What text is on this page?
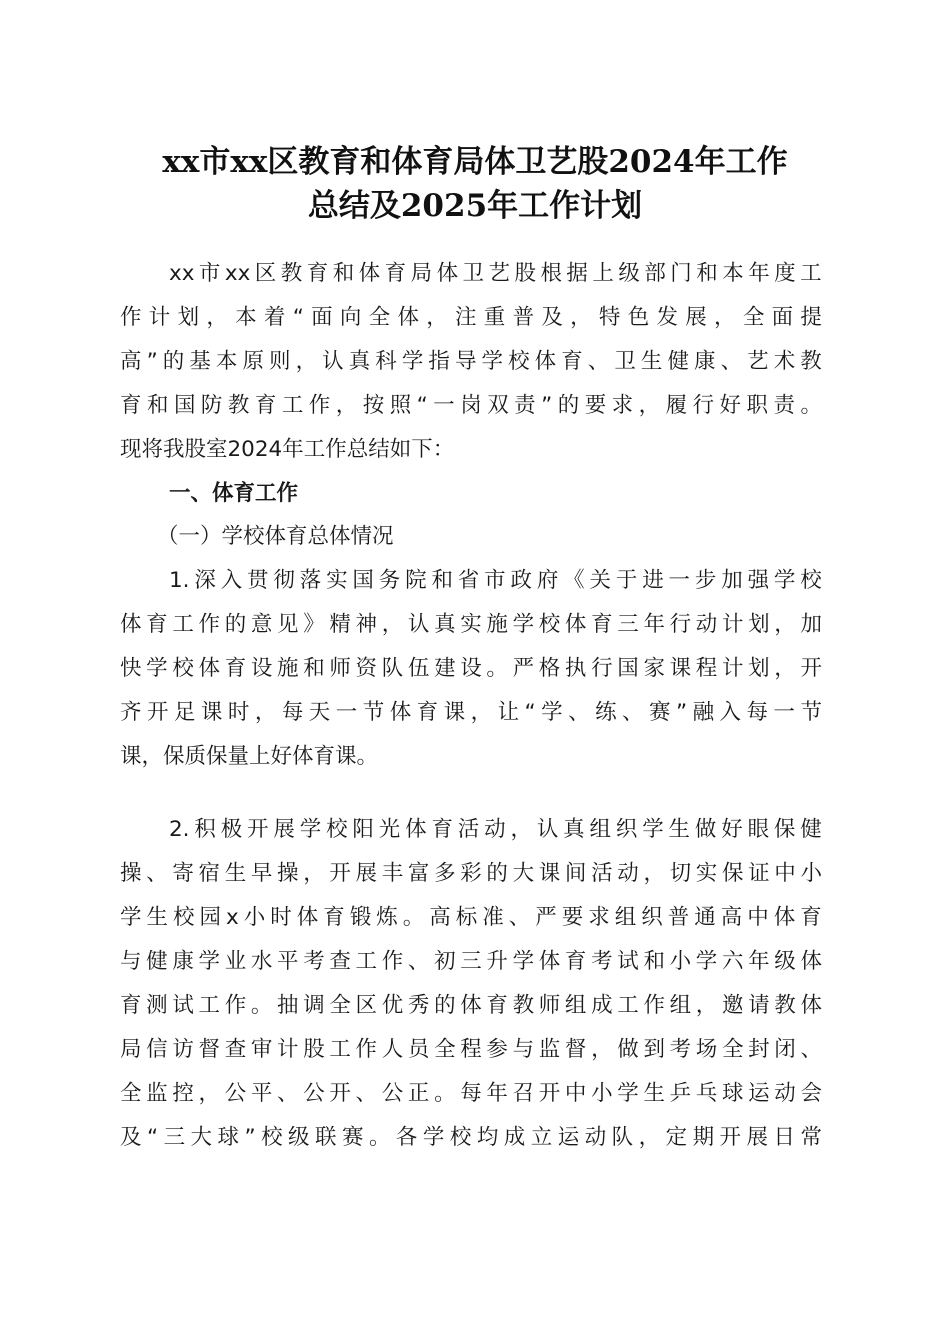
xx市xx区教育和体育局体卫艺股2024年工作
总结及2025年工作计划
xx 市 xx 区 教 育 和 体 育 局 体 卫 艺 股 根 据 上 级 部 门 和 本 年 度 工
作 计 划 ， 本 着 “ 面 向 全 体 ， 注 重 普 及 ， 特 色 发 展 ， 全 面 提
高 ” 的 基 本 原 则 ， 认 真 科 学 指 导 学 校 体 育 、 卫 生 健 康 、 艺 术 教
育 和 国 防 教 育 工 作 ， 按 照 “ 一 岗 双 责 ” 的 要 求 ， 履 行 好 职 责 。
现将我股室2024年工作总结如下：
一、体育工作
（一）学校体育总体情况
1. 深 入 贯 彻 落 实 国 务 院 和 省 市 政 府 《 关 于 进 一 步 加 强 学 校
体 育 工 作 的 意 见 》 精 神 ， 认 真 实 施 学 校 体 育 三 年 行 动 计 划 ， 加
快 学 校 体 育 设 施 和 师 资 队 伍 建 设 。 严 格 执 行 国 家 课 程 计 划 ， 开
齐 开 足 课 时 ， 每 天 一 节 体 育 课 ， 让 “ 学 、 练 、 赛 ” 融 入 每 一 节
课，保质保量上好体育课。
2. 积 极 开 展 学 校 阳 光 体 育 活 动 ， 认 真 组 织 学 生 做 好 眼 保 健
操 、 寄 宿 生 早 操 ， 开 展 丰 富 多 彩 的 大 课 间 活 动 ， 切 实 保 证 中 小
学 生 校 园 x 小 时 体 育 锻 炼 。 高 标 准 、 严 要 求 组 织 普 通 高 中 体 育
与 健 康 学 业 水 平 考 查 工 作 、 初 三 升 学 体 育 考 试 和 小 学 六 年 级 体
育 测 试 工 作 。 抽 调 全 区 优 秀 的 体 育 教 师 组 成 工 作 组 ， 邀 请 教 体
局 信 访 督 查 审 计 股 工 作 人 员 全 程 参 与 监 督 ， 做 到 考 场 全 封 闭 、
全 监 控 ， 公 平 、 公 开 、 公 正 。 每 年 召 开 中 小 学 生 乒 乓 球 运 动 会
及 “ 三 大 球 ” 校 级 联 赛 。 各 学 校 均 成 立 运 动 队 ， 定 期 开 展 日 常
